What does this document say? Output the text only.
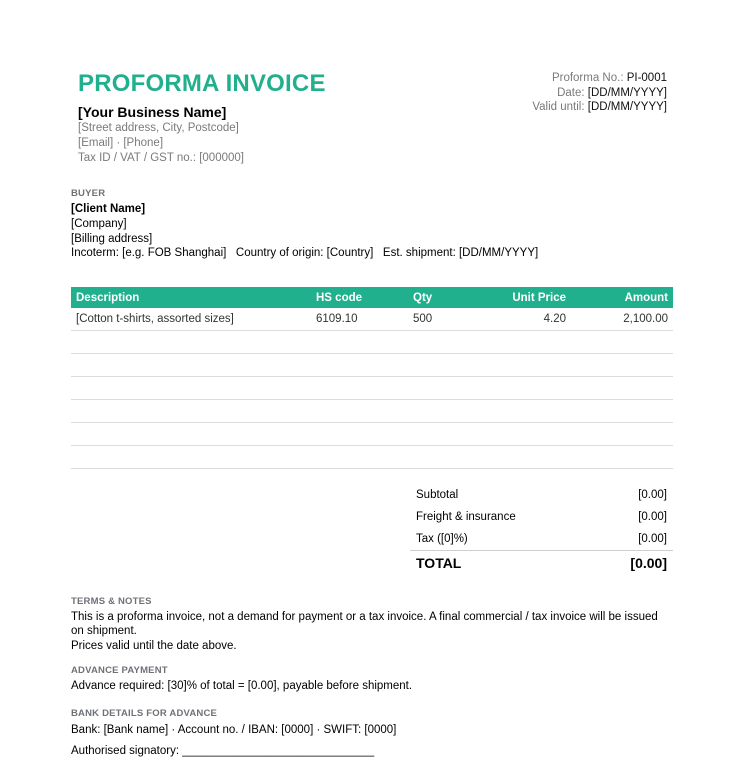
PROFORMA INVOICE
[Your Business Name]
[Street address, City, Postcode]
[Email] · [Phone]
Tax ID / VAT / GST no.: [000000]
Proforma No.: PI-0001
Date: [DD/MM/YYYY]
Valid until: [DD/MM/YYYY]
BUYER
[Client Name]
[Company]
[Billing address]
Incoterm: [e.g. FOB Shanghai]   Country of origin: [Country]   Est. shipment: [DD/MM/YYYY]
Description	HS code	Qty	Unit Price	Amount
[Cotton t-shirts, assorted sizes]	6109.10	500	4.20	2,100.00

Subtotal	[0.00]
Freight & insurance	[0.00]
Tax ([0]%)	[0.00]
TOTAL	[0.00]
TERMS & NOTES
This is a proforma invoice, not a demand for payment or a tax invoice. A final commercial / tax invoice will be issued on shipment.
Prices valid until the date above.
ADVANCE PAYMENT
Advance required: [30]% of total = [0.00], payable before shipment.
BANK DETAILS FOR ADVANCE
Bank: [Bank name] · Account no. / IBAN: [0000] · SWIFT: [0000]
Authorised signatory: ______________________________
